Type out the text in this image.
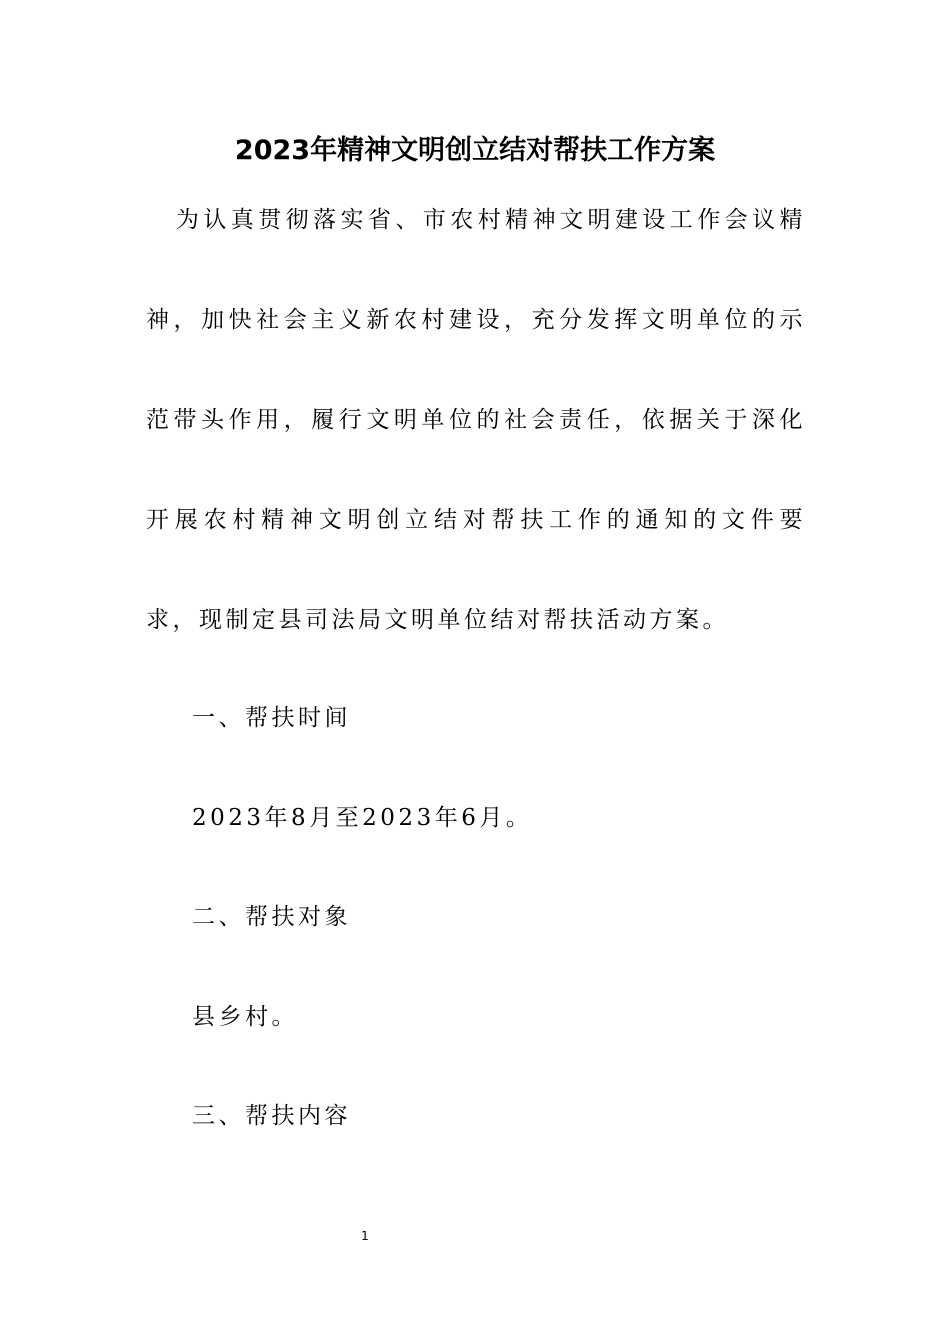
2023年精神文明创立结对帮扶工作方案

为认真贯彻落实省、市农村精神文明建设工作会议精神，加快社会主义新农村建设，充分发挥文明单位的示范带头作用，履行文明单位的社会责任，依据关于深化开展农村精神文明创立结对帮扶工作的通知的文件要求，现制定县司法局文明单位结对帮扶活动方案。

一、帮扶时间

2023年8月至2023年6月。

二、帮扶对象

县乡村。

三、帮扶内容

1
